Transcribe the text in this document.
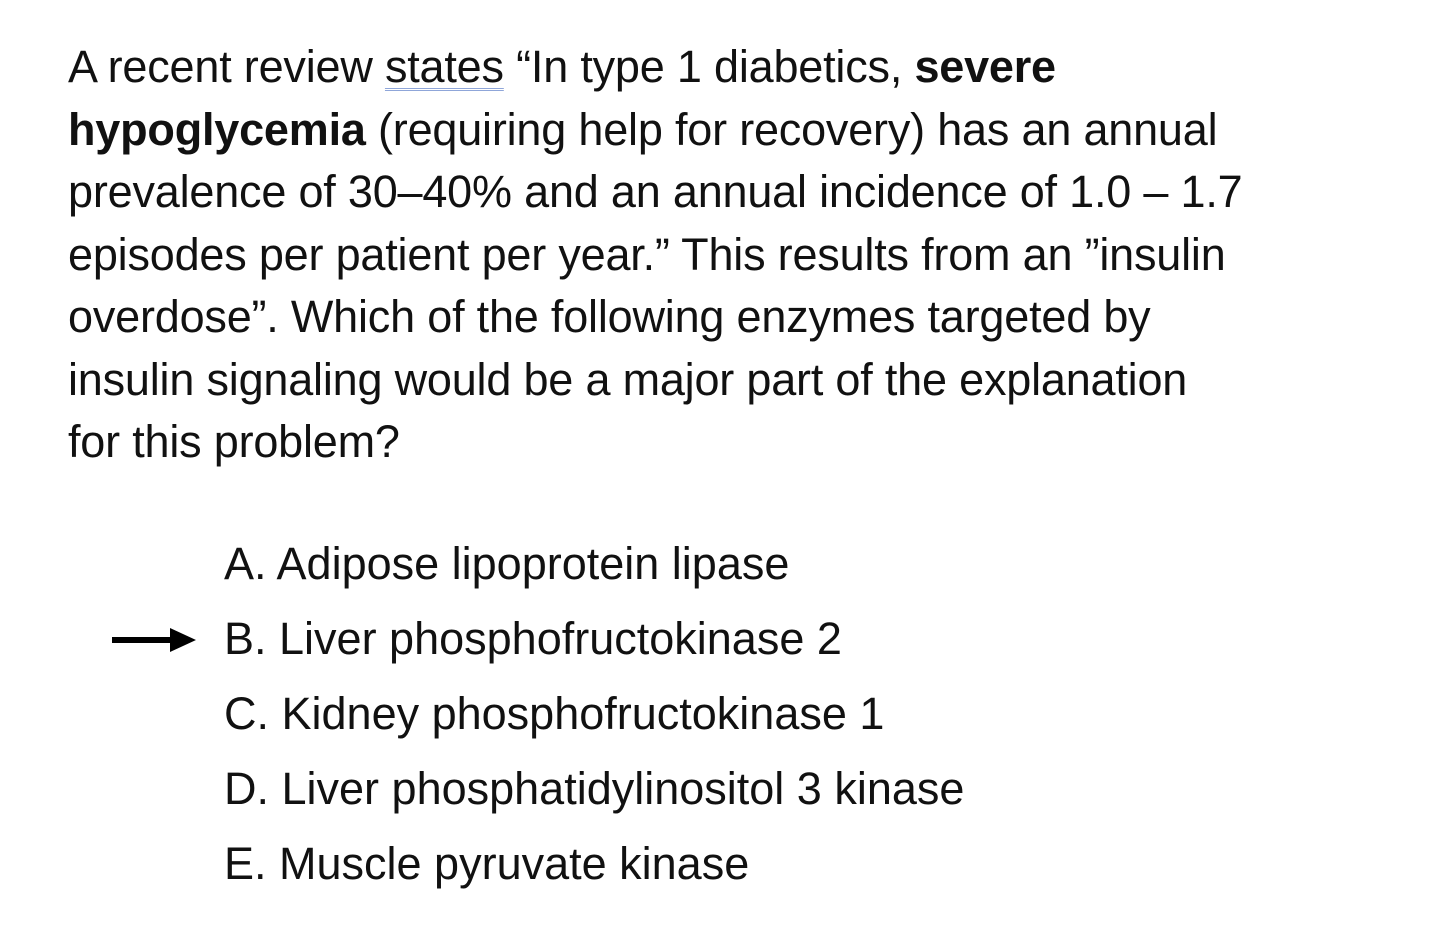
A recent review states “In type 1 diabetics, severe
hypoglycemia (requiring help for recovery) has an annual
prevalence of 30–40% and an annual incidence of 1.0 – 1.7
episodes per patient per year.” This results from an ”insulin
overdose”. Which of the following enzymes targeted by
insulin signaling would be a major part of the explanation
for this problem?
A. Adipose lipoprotein lipase
B. Liver phosphofructokinase 2
C. Kidney phosphofructokinase 1
D. Liver phosphatidylinositol 3 kinase
E. Muscle pyruvate kinase
